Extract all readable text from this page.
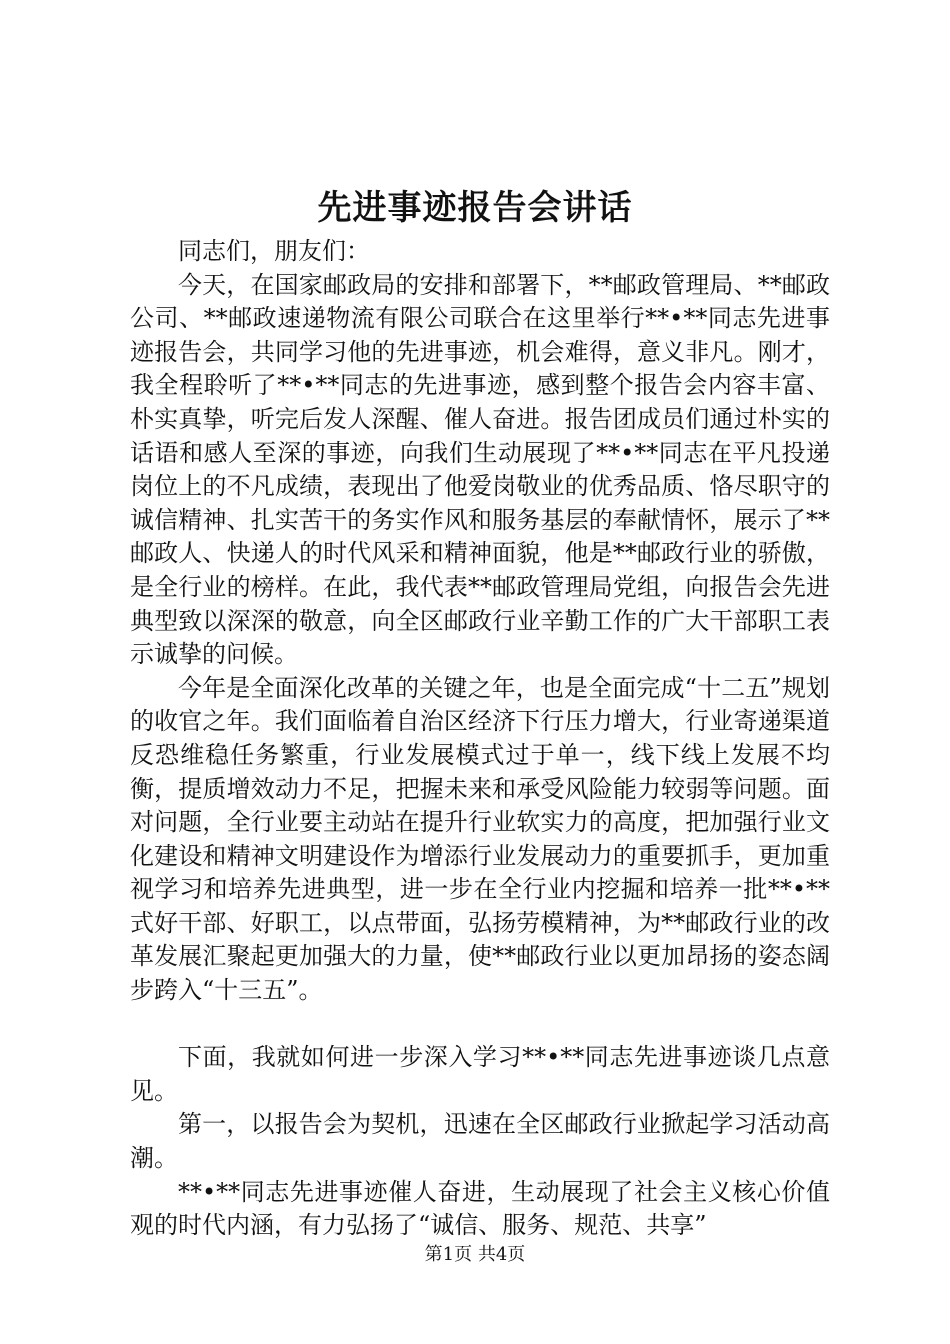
先进事迹报告会讲话

同志们，朋友们：

今天，在国家邮政局的安排和部署下，**邮政管理局、**邮政公司、**邮政速递物流有限公司联合在这里举行**•**同志先进事迹报告会，共同学习他的先进事迹，机会难得，意义非凡。刚才，我全程聆听了**•**同志的先进事迹，感到整个报告会内容丰富、朴实真挚，听完后发人深醒、催人奋进。报告团成员们通过朴实的话语和感人至深的事迹，向我们生动展现了**•**同志在平凡投递岗位上的不凡成绩，表现出了他爱岗敬业的优秀品质、恪尽职守的诚信精神、扎实苦干的务实作风和服务基层的奉献情怀，展示了**邮政人、快递人的时代风采和精神面貌，他是**邮政行业的骄傲，是全行业的榜样。在此，我代表**邮政管理局党组，向报告会先进典型致以深深的敬意，向全区邮政行业辛勤工作的广大干部职工表示诚挚的问候。

今年是全面深化改革的关键之年，也是全面完成“十二五”规划的收官之年。我们面临着自治区经济下行压力增大，行业寄递渠道反恐维稳任务繁重，行业发展模式过于单一，线下线上发展不均衡，提质增效动力不足，把握未来和承受风险能力较弱等问题。面对问题，全行业要主动站在提升行业软实力的高度，把加强行业文化建设和精神文明建设作为增添行业发展动力的重要抓手，更加重视学习和培养先进典型，进一步在全行业内挖掘和培养一批**•**式好干部、好职工，以点带面，弘扬劳模精神，为**邮政行业的改革发展汇聚起更加强大的力量，使**邮政行业以更加昂扬的姿态阔步跨入“十三五”。

下面，我就如何进一步深入学习**•**同志先进事迹谈几点意见。

第一，以报告会为契机，迅速在全区邮政行业掀起学习活动高潮。

**•**同志先进事迹催人奋进，生动展现了社会主义核心价值观的时代内涵，有力弘扬了“诚信、服务、规范、共享”

第1页 共4页
